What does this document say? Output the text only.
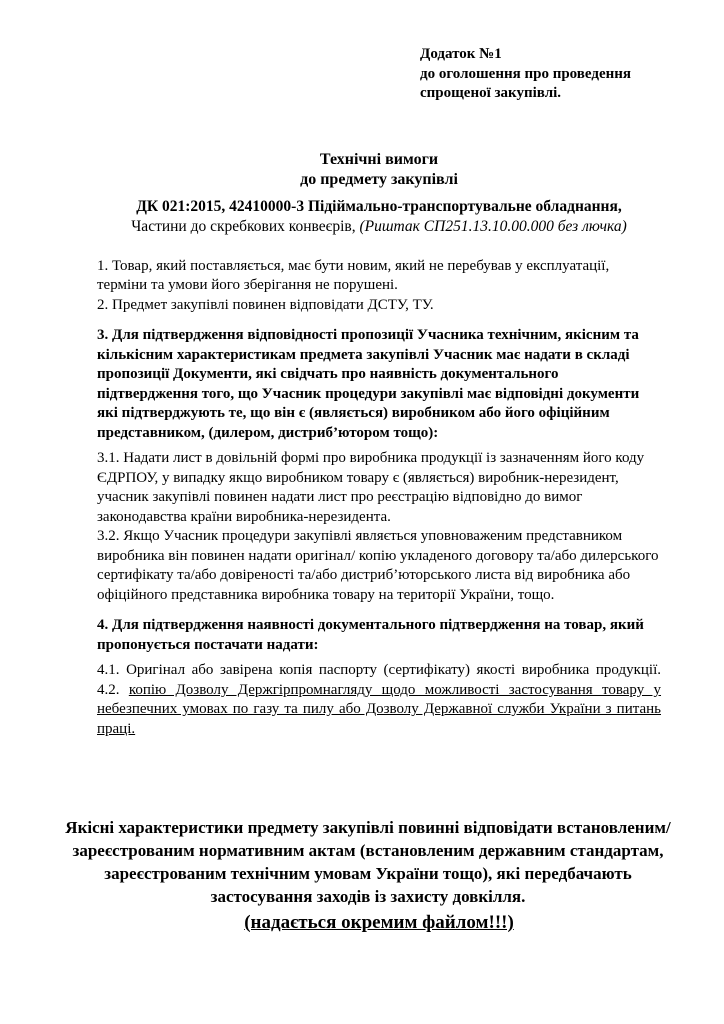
Додаток №1
до оголошення про проведення
спрощеної закупівлі.
Технічні вимоги
до предмету закупівлі
ДК 021:2015, 42410000-3 Підіймально-транспортувальне обладнання,
Частини до скребкових конвеєрів, (Риштак СП251.13.10.00.000 без лючка)

1. Товар, який поставляється, має бути новим, який не перебував у експлуатації, терміни та умови його зберігання не порушені.

2. Предмет закупівлі повинен відповідати ДСТУ, ТУ.

3. Для підтвердження відповідності пропозиції Учасника технічним, якісним та кількісним характеристикам предмета закупівлі Учасник має надати в складі пропозиції Документи, які свідчать про наявність документального підтвердження того, що Учасник процедури закупівлі має відповідні документи які підтверджують те, що він є (являється) виробником або його офіційним представником, (дилером, дистриб’ютором тощо):

3.1. Надати лист в довільній формі про виробника продукції із зазначенням його коду ЄДРПОУ, у випадку якщо виробником товару є (являється) виробник-нерезидент, учасник закупівлі повинен надати лист про реєстрацію відповідно до вимог законодавства країни виробника-нерезидента.

3.2. Якщо Учасник процедури закупівлі являється уповноваженим представником виробника він повинен надати оригінал/ копію укладеного договору та/або дилерського сертифікату та/або довіреності та/або дистриб’юторського листа від виробника або офіційного представника виробника товару на території України, тощо.

4. Для підтвердження наявності документального підтвердження на товар, який пропонується постачати надати:

4.1. Оригінал або завірена копія паспорту (сертифікату) якості виробника продукції.

4.2. копію Дозволу Держгірпромнагляду щодо можливості застосування товару у небезпечних умовах по газу та пилу або Дозволу Державної служби України з питань праці.

Якісні характеристики предмету закупівлі повинні відповідати встановленим/зареєстрованим нормативним актам (встановленим державним стандартам, зареєстрованим технічним умовам України тощо), які передбачають застосування заходів із захисту довкілля.
(надається окремим файлом!!!)
